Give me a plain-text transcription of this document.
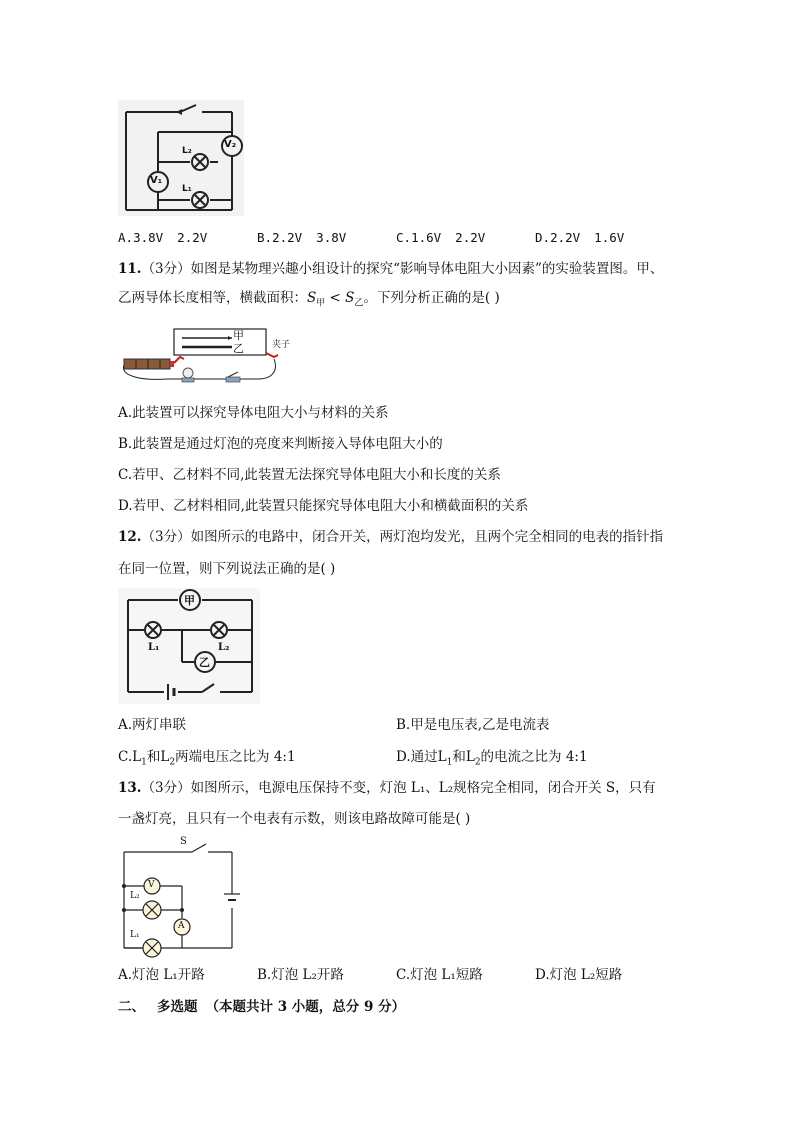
V₂
V₁
L₂
L₁
A.3.8V 2.2V	B.2.2V 3.8V	C.1.6V 2.2V	D.2.2V 1.6V
11.（3分）如图是某物理兴趣小组设计的探究“影响导体电阻大小因素”的实验装置图。甲、
乙两导体长度相等，横截面积：$S_甲 < S_乙$。下列分析正确的是( )
甲
乙	夹子
A.此装置可以探究导体电阻大小与材料的关系
B.此装置是通过灯泡的亮度来判断接入导体电阻大小的
C.若甲、乙材料不同,此装置无法探究导体电阻大小和长度的关系
D.若甲、乙材料相同,此装置只能探究导体电阻大小和横截面积的关系
12.（3分）如图所示的电路中，闭合开关，两灯泡均发光，且两个完全相同的电表的指针指
在同一位置，则下列说法正确的是( )
甲
乙
L₁	L₂
A.两灯串联	B.甲是电压表,乙是电流表
$C.L_1$和$L_2$两端电压之比为 4:1	D.通过$L_1$和$L_2$的电流之比为 4:1
13.（3分）如图所示，电源电压保持不变，灯泡 L₁、L₂规格完全相同，闭合开关 S，只有
一盏灯亮，且只有一个电表有示数，则该电路故障可能是( )
S
V
A
L₂
L₁
A.灯泡 L₁开路	B.灯泡 L₂开路	C.灯泡 L₁短路	D.灯泡 L₂短路
二、 多选题 （本题共计 3 小题，总分 9 分）
